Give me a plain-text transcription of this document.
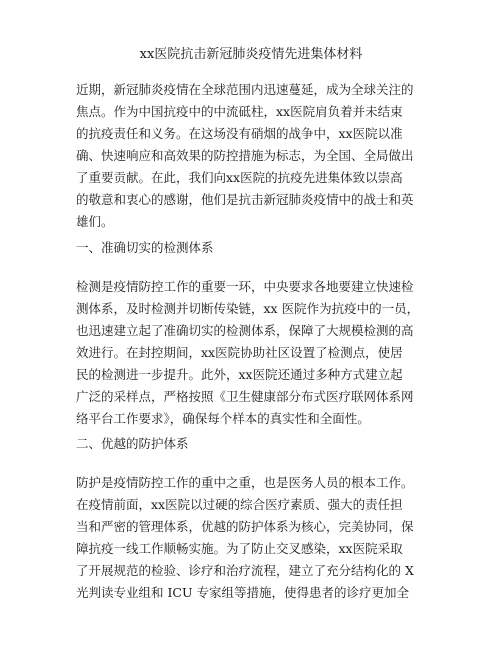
xx医院抗击新冠肺炎疫情先进集体材料
近期，新冠肺炎疫情在全球范围内迅速蔓延，成为全球关注的
焦点。作为中国抗疫中的中流砥柱，xx医院肩负着并未结束
的抗疫责任和义务。在这场没有硝烟的战争中，xx医院以准
确、快速响应和高效果的防控措施为标志，为全国、全局做出
了重要贡献。在此，我们向xx医院的抗疫先进集体致以崇高
的敬意和衷心的感谢，他们是抗击新冠肺炎疫情中的战士和英
雄们。
一、准确切实的检测体系
检测是疫情防控工作的重要一环，中央要求各地要建立快速检
测体系，及时检测并切断传染链，xx 医院作为抗疫中的一员，
也迅速建立起了准确切实的检测体系，保障了大规模检测的高
效进行。在封控期间，xx医院协助社区设置了检测点，使居
民的检测进一步提升。此外，xx医院还通过多种方式建立起
广泛的采样点，严格按照《卫生健康部分布式医疗联网体系网
络平台工作要求》，确保每个样本的真实性和全面性。
二、优越的防护体系
防护是疫情防控工作的重中之重，也是医务人员的根本工作。
在疫情前面，xx医院以过硬的综合医疗素质、强大的责任担
当和严密的管理体系，优越的防护体系为核心，完美协同，保
障抗疫一线工作顺畅实施。为了防止交叉感染，xx医院采取
了开展规范的检验、诊疗和治疗流程，建立了充分结构化的 X
光判读专业组和 ICU 专家组等措施，使得患者的诊疗更加全
